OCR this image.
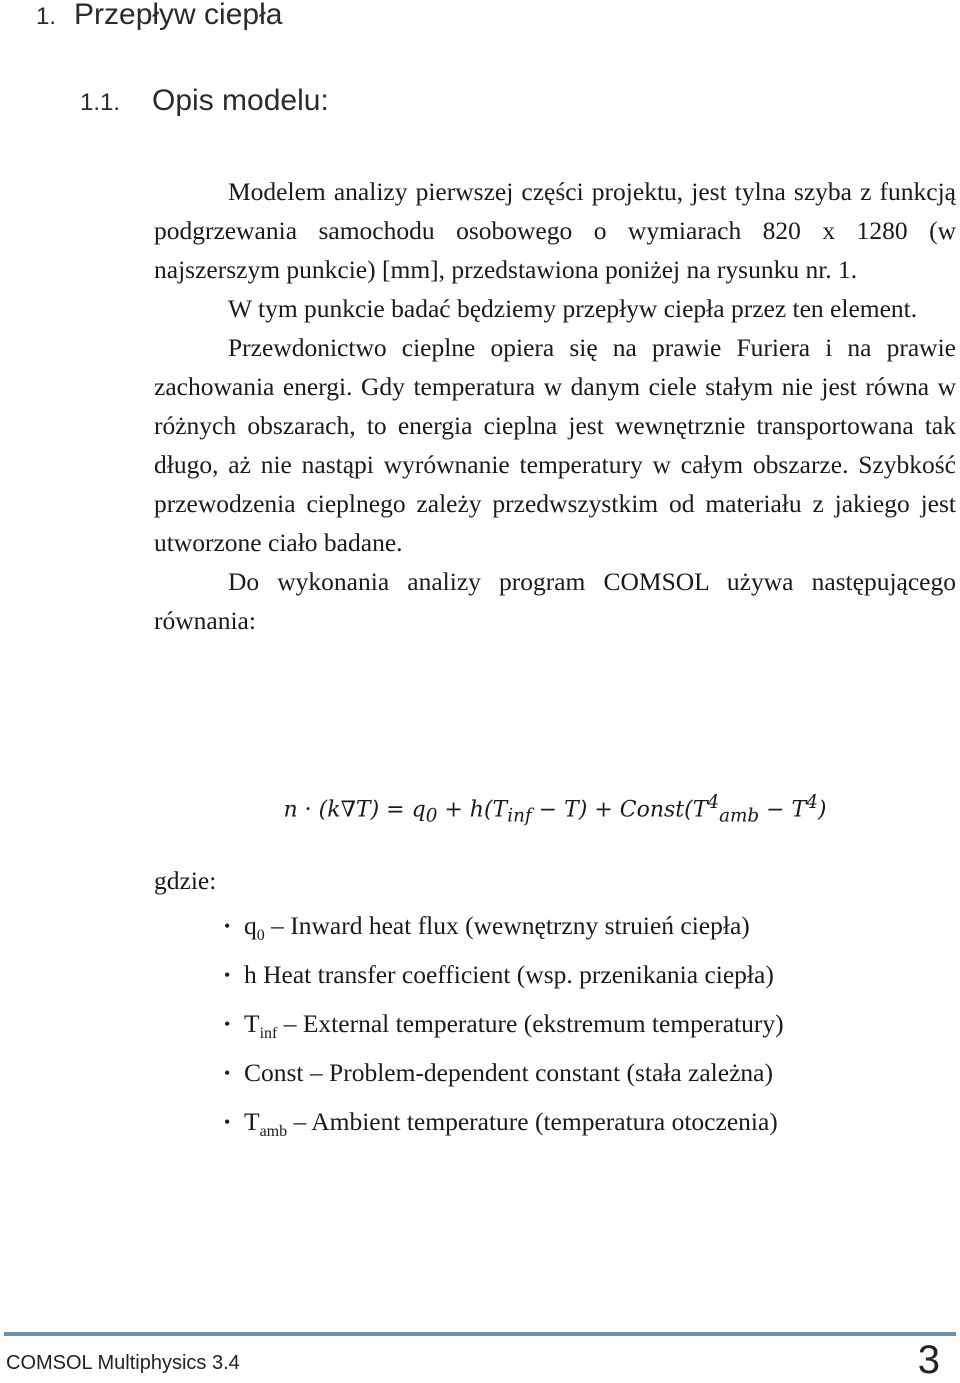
1. Przepływ ciepła
1.1. Opis modelu:

Modelem analizy pierwszej części projektu, jest tylna szyba z funkcją podgrzewania samochodu osobowego o wymiarach 820 x 1280 (w najszerszym punkcie) [mm], przedstawiona poniżej na rysunku nr. 1.

W tym punkcie badać będziemy przepływ ciepła przez ten element.

Przewdonictwo cieplne opiera się na prawie Furiera i na prawie zachowania energi. Gdy temperatura w danym ciele stałym nie jest równa w różnych obszarach, to energia cieplna jest wewnętrznie transportowana tak długo, aż nie nastąpi wyrównanie temperatury w całym obszarze. Szybkość przewodzenia cieplnego zależy przedwszystkim od materiału z jakiego jest utworzone ciało badane.

Do wykonania analizy program COMSOL używa następującego równania:

$n \cdot (k\nabla T) = q_0 + h(T_{inf} - T)$ + $Const(T^4_{amb} - T^4)$
gdzie:
• $q_0$ – Inward heat flux (wewnętrzny struień ciepła)
• h Heat transfer coefficient (wsp. przenikania ciepła)
• $T_{inf}$ – External temperature (ekstremum temperatury)
• Const – Problem-dependent constant (stała zależna)
• $T_{amb}$ – Ambient temperature (temperatura otoczenia)
COMSOL Multiphysics 3.4	3
